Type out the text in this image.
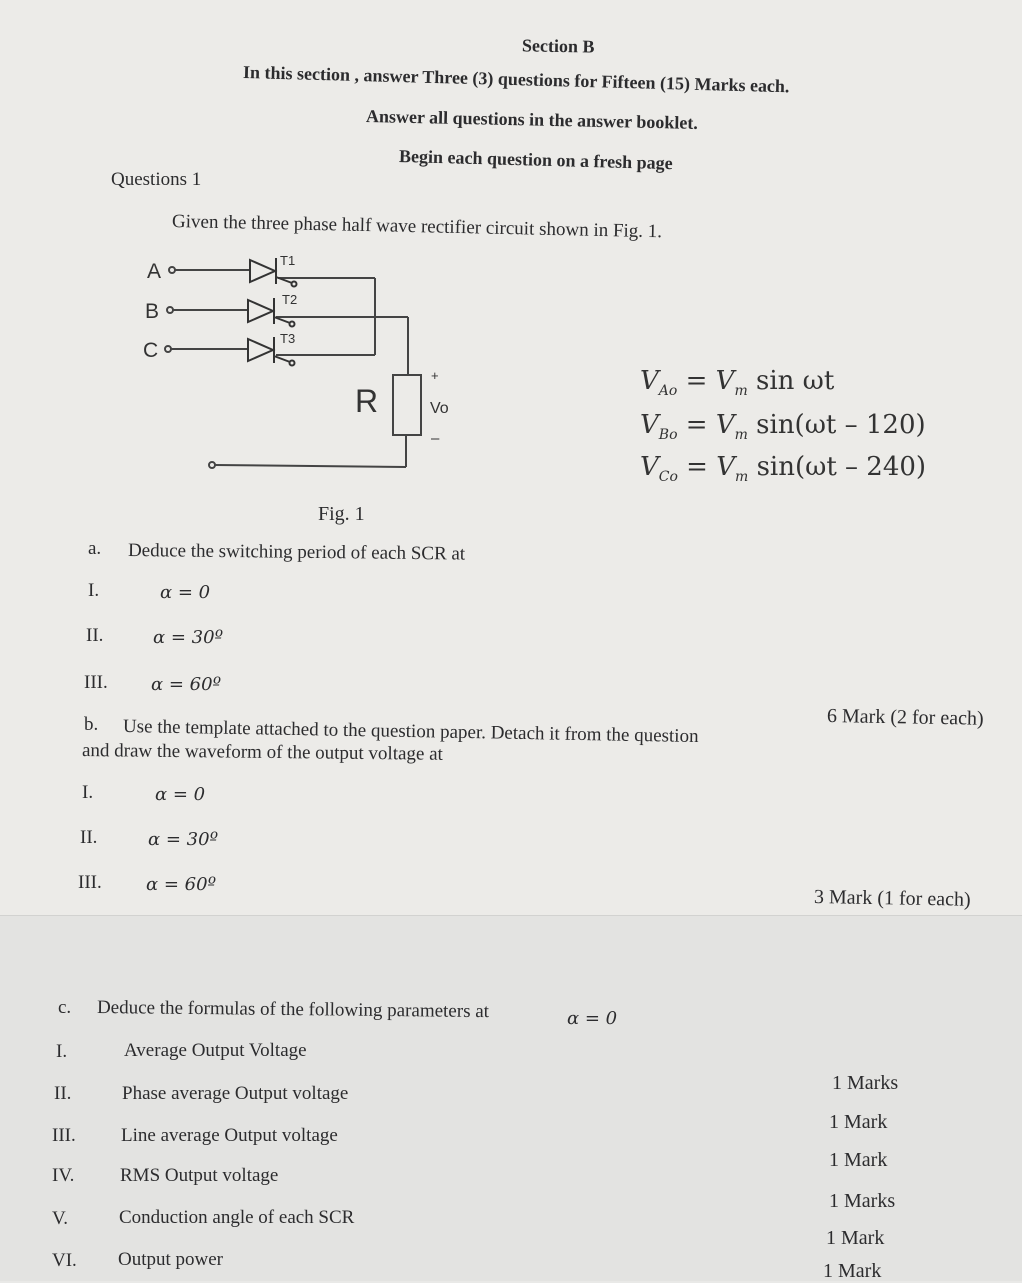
Section B
In this section , answer Three (3) questions for Fifteen (15) Marks each.
Answer all questions in the answer booklet.
Begin each question on a fresh page
Questions 1
Given the three phase half wave rectifier circuit shown in Fig. 1.
A
B
C
T1
T2
T3
R
+
Vo
–
Fig. 1
$V_{Ao} = V_m$ sin ωt
$V_{Bo} = V_m$ sin(ωt – 120)
$V_{Co} = V_m$ sin(ωt – 240)
a. Deduce the switching period of each SCR at
I.	α = 0
II.	α = 30º
III. α = 60º
6 Mark (2 for each)
b. Use the template attached to the question paper. Detach it from the question
and draw the waveform of the output voltage at
I.	α = 0
II.	α = 30º
III. α = 60º
3 Mark (1 for each)
c. Deduce the formulas of the following parameters at	α = 0
I.	Average Output Voltage
1 Marks
II.	Phase average Output voltage
1 Mark
III. Line average Output voltage
1 Mark
IV. RMS Output voltage
1 Marks
V.	Conduction angle of each SCR
1 Mark
VI. Output power
1 Mark
